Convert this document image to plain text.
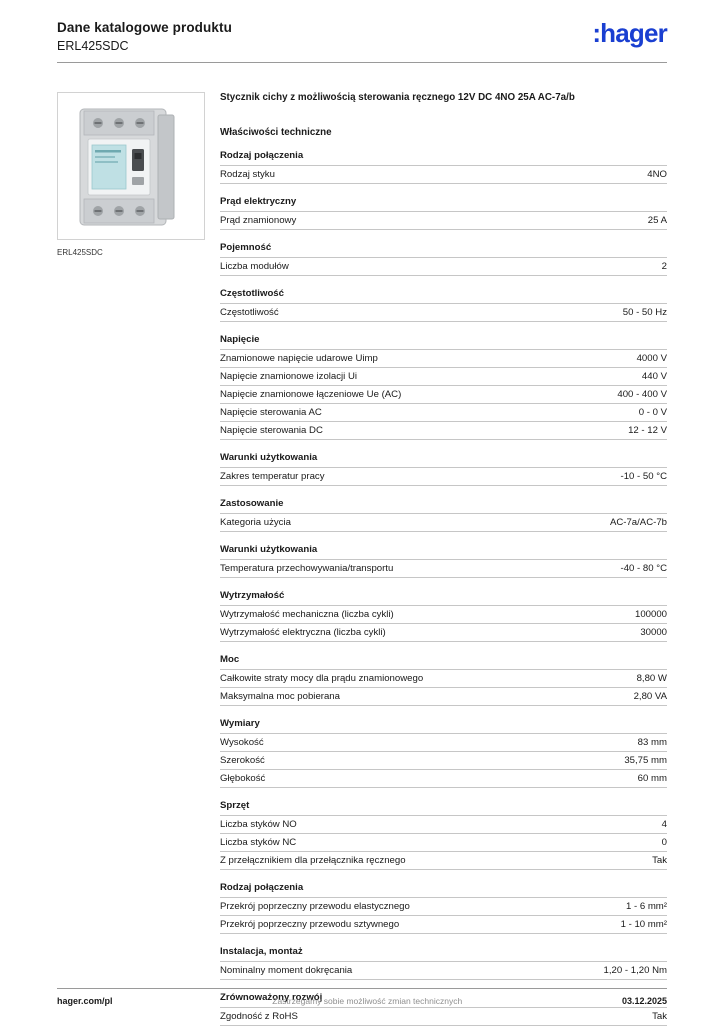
Dane katalogowe produktu
ERL425SDC	:hager
ERL425SDC
Stycznik cichy z możliwością sterowania ręcznego 12V DC 4NO 25A AC-7a/b
Właściwości techniczne
Rodzaj połączenia
Rodzaj styku	4NO
Prąd elektryczny
Prąd znamionowy	25 A
Pojemność
Liczba modułów	2
Częstotliwość
Częstotliwość	50 - 50 Hz
Napięcie
Znamionowe napięcie udarowe Uimp	4000 V
Napięcie znamionowe izolacji Ui	440 V
Napięcie znamionowe łączeniowe Ue (AC)	400 - 400 V
Napięcie sterowania AC	0 - 0 V
Napięcie sterowania DC	12 - 12 V
Warunki użytkowania
Zakres temperatur pracy	-10 - 50 °C
Zastosowanie
Kategoria użycia	AC-7a/AC-7b
Warunki użytkowania
Temperatura przechowywania/transportu	-40 - 80 °C
Wytrzymałość
Wytrzymałość mechaniczna (liczba cykli)	100000
Wytrzymałość elektryczna (liczba cykli)	30000
Moc
Całkowite straty mocy dla prądu znamionowego	8,80 W
Maksymalna moc pobierana	2,80 VA
Wymiary
Wysokość	83 mm
Szerokość	35,75 mm
Głębokość	60 mm
Sprzęt
Liczba styków NO	4
Liczba styków NC	0
Z przełącznikiem dla przełącznika ręcznego	Tak
Rodzaj połączenia
Przekrój poprzeczny przewodu elastycznego	1 - 6 mm²
Przekrój poprzeczny przewodu sztywnego	1 - 10 mm²
Instalacja, montaż
Nominalny moment dokręcania	1,20 - 1,20 Nm
Zrównoważony rozwój
Zgodność z RoHS	Tak
hager.com/pl	Zastrzegamy sobie możliwość zmian technicznych	03.12.2025
